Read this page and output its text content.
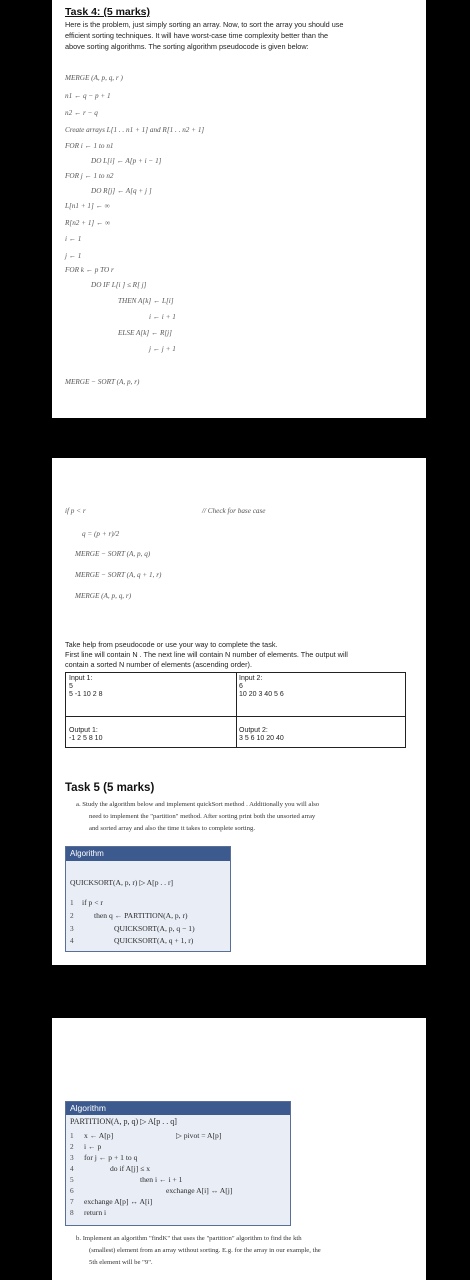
Task 4: (5 marks)
Here is the problem, just simply sorting an array. Now, to sort the array you should use
efficient sorting techniques. It will have worst-case time complexity better than the
above sorting algorithms. The sorting algorithm pseudocode is given below:
MERGE (A, p, q, r )
n1 ← q − p + 1
n2 ← r − q
Create arrays L[1 . . n1 + 1] and R[1 . . n2 + 1]
FOR i ← 1 to n1
DO L[i] ← A[p + i − 1]
FOR j ← 1 to n2
DO R[j] ← A[q + j ]
L[n1 + 1] ← ∞
R[n2 + 1] ← ∞
i ← 1
j ← 1
FOR k ← p TO r
DO IF L[i ] ≤ R[ j]
THEN A[k] ← L[i]
i ← i + 1
ELSE A[k] ← R[j]
j ← j + 1
MERGE − SORT (A, p, r)
if p < r	// Check for base case
q = (p + r)/2
MERGE − SORT (A, p, q)
MERGE − SORT (A, q + 1, r)
MERGE (A, p, q, r)
Take help from pseudocode or use your way to complete the task.
First line will contain N . The next line will contain N number of elements. The output will
contain a sorted N number of elements (ascending order).
Input 1:
5
5 -1 10 2 8
Input 2:
6
10 20 3 40 5 6
Output 1:
-1 2 5 8 10
Output 2:
3 5 6 10 20 40
Task 5 (5 marks)
a. Study the algorithm below and implement quickSort method . Additionally you will also
need to implement the "partition" method. After sorting print both the unsorted array
and sorted array and also the time it takes to complete sorting.
Algorithm
QUICKSORT(A, p, r) ▷ A[p . . r]
1
2
3
4
if p < r
then q ← PARTITION(A, p, r)
QUICKSORT(A, p, q − 1)
QUICKSORT(A, q + 1, r)
Algorithm
PARTITION(A, p, q) ▷ A[p . . q]
1
2
3
4
5
6
7
8
x ← A[p]	▷ pivot = A[p]
i ← p
for j ← p + 1 to q
do if A[j] ≤ x
then i ← i + 1
exchange A[i] ↔ A[j]
exchange A[p] ↔ A[i]
return i
b. Implement an algorithm "findK" that uses the "partition" algorithm to find the kth
(smallest) element from an array without sorting. E.g. for the array in our example, the
5th element will be "9".
